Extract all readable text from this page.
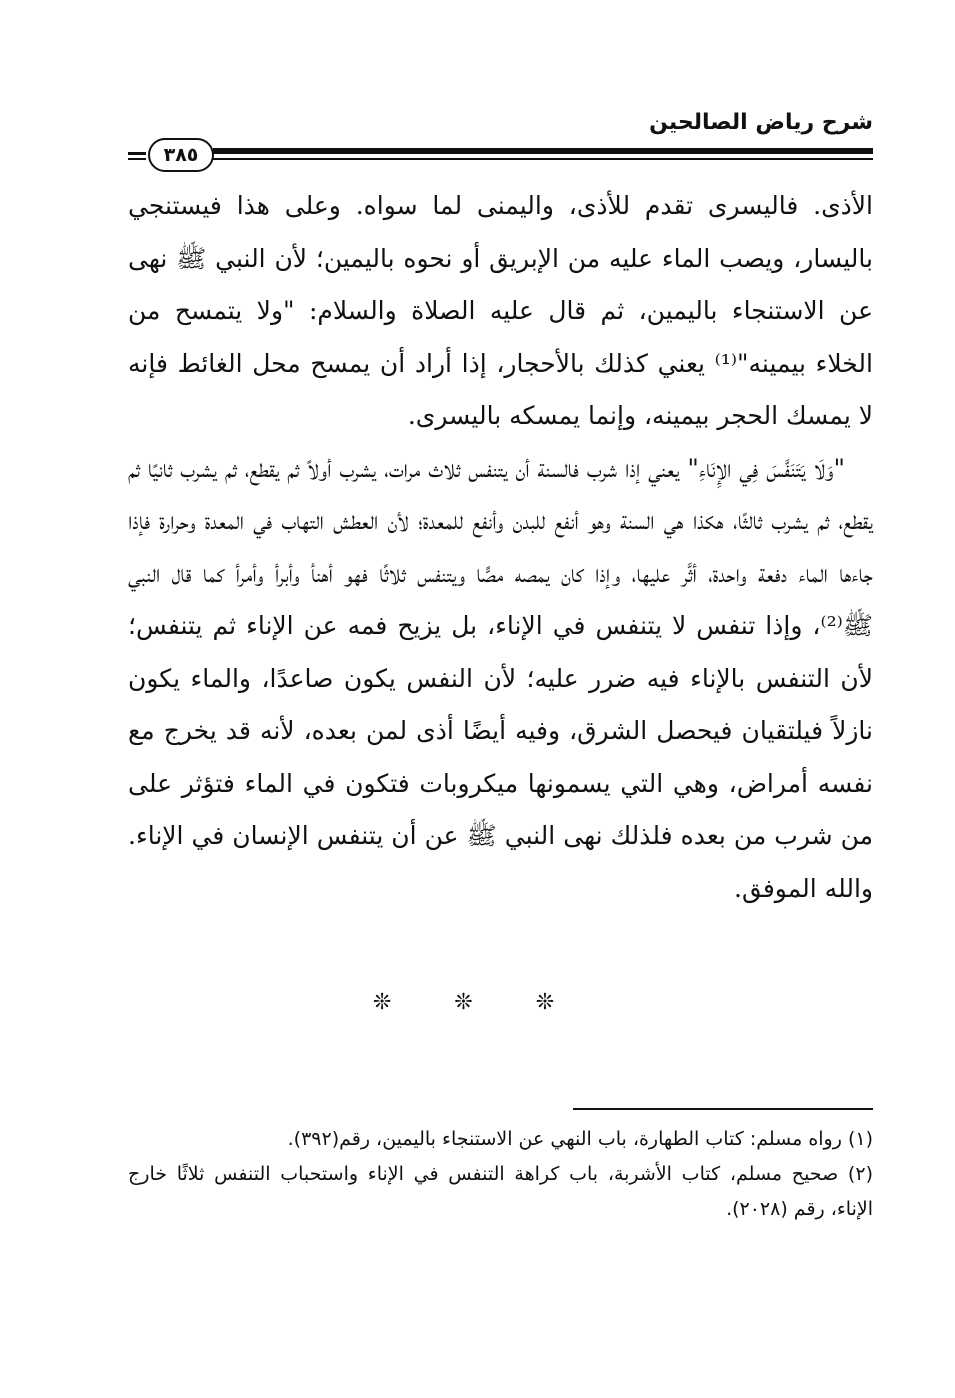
شرح رياض الصالحين
٣٨٥

الأذى. فاليسرى تقدم للأذى، واليمنى لما سواه. وعلى هذا فيستنجي باليسار، ويصب الماء عليه من الإبريق أو نحوه باليمين؛ لأن النبي ﷺ نهى عن الاستنجاء باليمين، ثم قال عليه الصلاة والسلام: "ولا يتمسح من الخلاء بيمينه"⁽¹⁾ يعني كذلك بالأحجار، إذا أراد أن يمسح محل الغائط فإنه لا يمسك الحجر بيمينه، وإنما يمسكه باليسرى.

"وَلَا يَتَنَفَّسَ فِي الإِنَاءِ" يعني إذا شرب فالسنة أن يتنفس ثلاث مرات، يشرب أولاً ثم يقطع، ثم يشرب ثانيًا ثم يقطع، ثم يشرب ثالثًا، هكذا هي السنة وهو أنفع للبدن وأنفع للمعدة؛ لأن العطش التهاب في المعدة وحرارة فإذا جاءها الماء دفعة واحدة، أثَّر عليها، وإذا كان يمصه مصًّا ويتنفس ثلاثًا فهو أهنأ وأبرأ وأمرأ كما قال النبي ﷺ⁽²⁾، وإذا تنفس لا يتنفس في الإناء، بل يزيح فمه عن الإناء ثم يتنفس؛ لأن التنفس بالإناء فيه ضرر عليه؛ لأن النفس يكون صاعدًا، والماء يكون نازلاً فيلتقيان فيحصل الشرق، وفيه أيضًا أذى لمن بعده، لأنه قد يخرج مع نفسه أمراض، وهي التي يسمونها ميكروبات فتكون في الماء فتؤثر على من شرب من بعده فلذلك نهى النبي ﷺ عن أن يتنفس الإنسان في الإناء. والله الموفق.

❊ ❊ ❊

(١) رواه مسلم: كتاب الطهارة، باب النهي عن الاستنجاء باليمين، رقم(٣٩٢).

(٢) صحيح مسلم، كتاب الأشربة، باب كراهة التنفس في الإناء واستحباب التنفس ثلاثًا خارج الإناء، رقم (٢٠٢٨).
